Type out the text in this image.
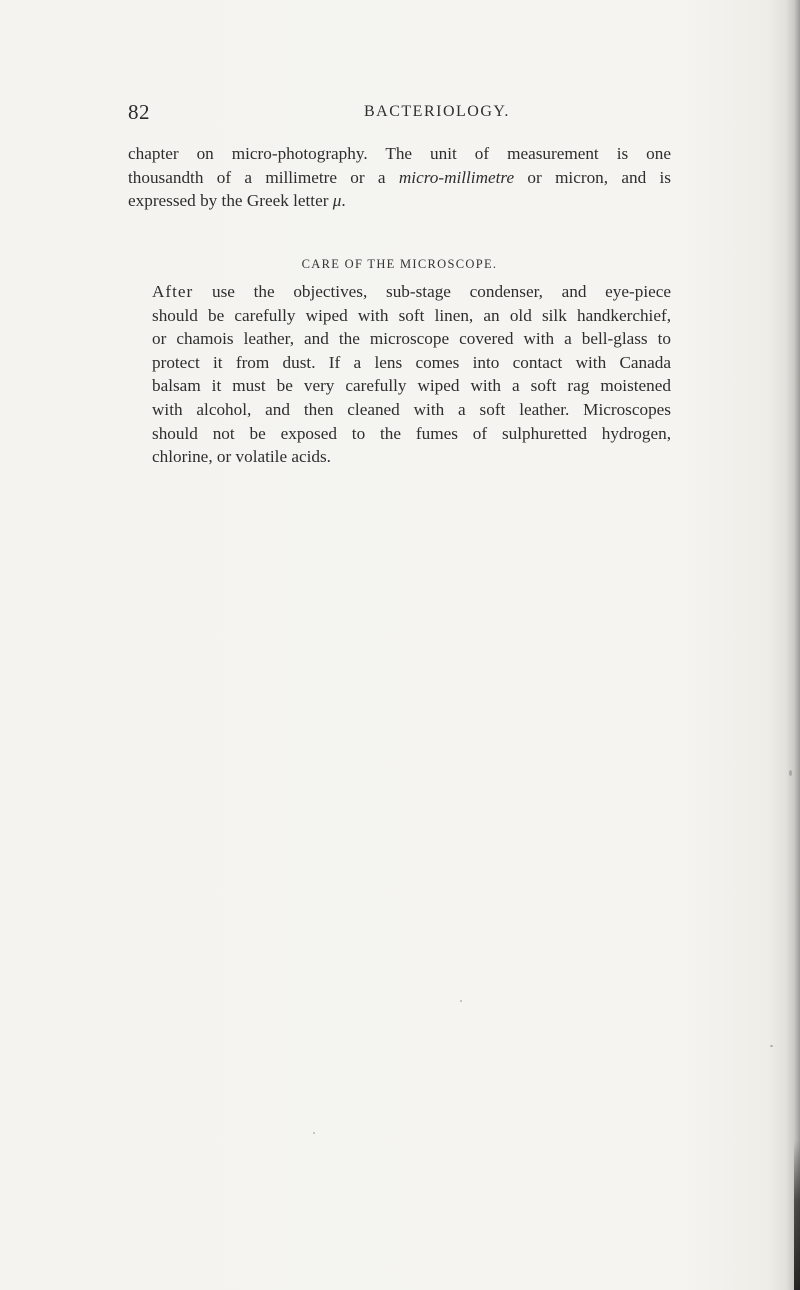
82	BACTERIOLOGY.

chapter on micro-photography. The unit of measurement is one
thousandth of a millimetre or a micro-millimetre or micron, and is
expressed by the Greek letter μ.

CARE OF THE MICROSCOPE.

After use the objectives, sub-stage condenser, and eye-piece
should be carefully wiped with soft linen, an old silk handkerchief,
or chamois leather, and the microscope covered with a bell-glass to
protect it from dust. If a lens comes into contact with Canada
balsam it must be very carefully wiped with a soft rag moistened
with alcohol, and then cleaned with a soft leather. Microscopes
should not be exposed to the fumes of sulphuretted hydrogen,
chlorine, or volatile acids.
